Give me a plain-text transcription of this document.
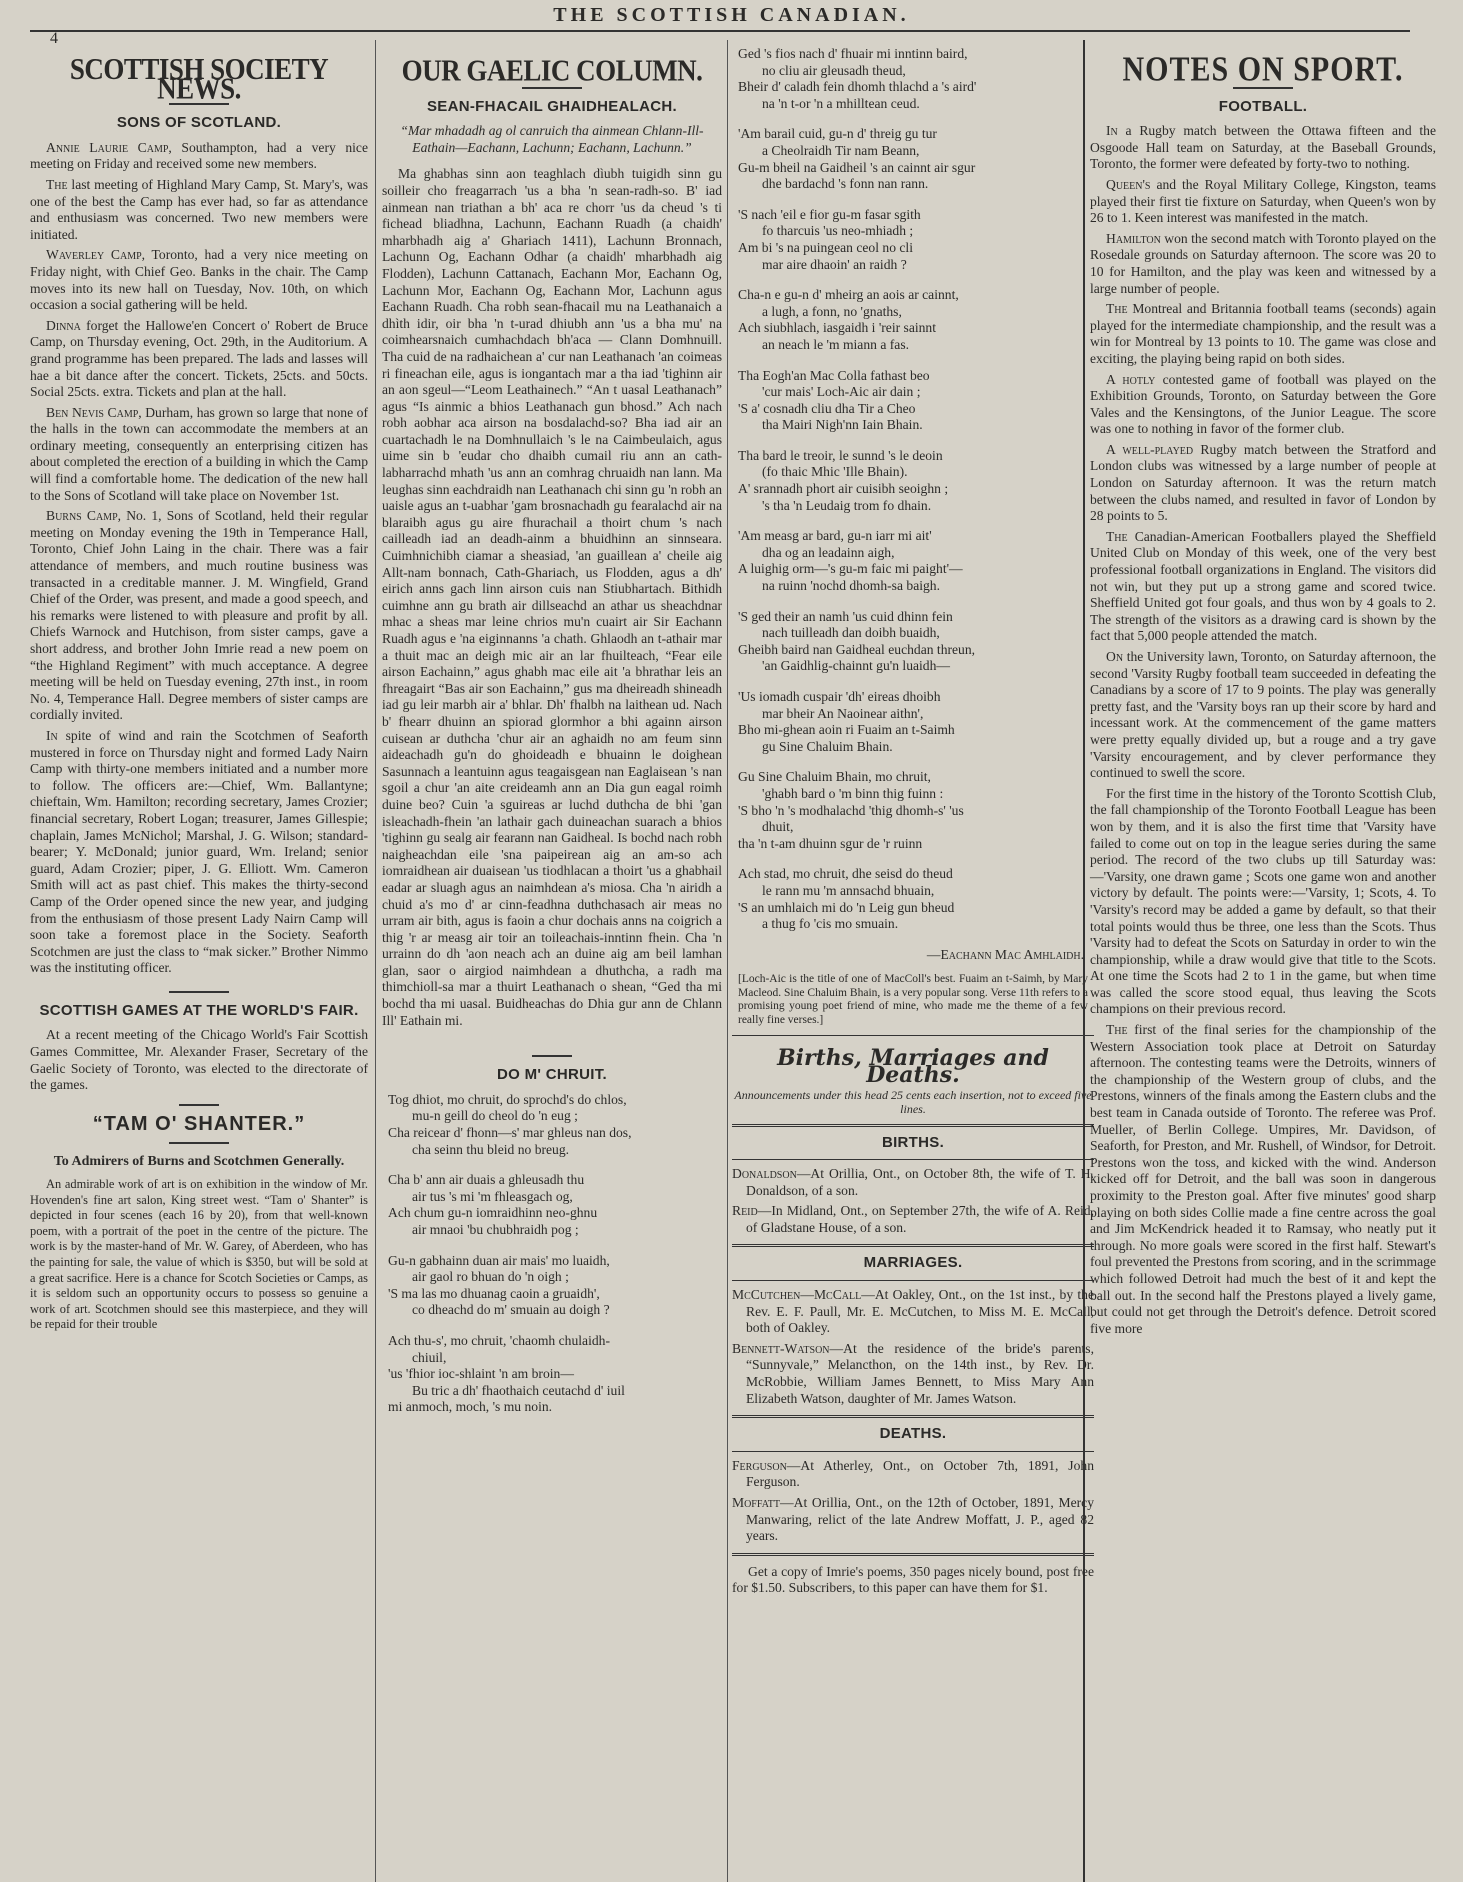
THE SCOTTISH CANADIAN.
4
SCOTTISH SOCIETY NEWS.
SONS OF SCOTLAND.

Annie Laurie Camp, Southampton, had a very nice meeting on Friday and received some new members.

The last meeting of Highland Mary Camp, St. Mary's, was one of the best the Camp has ever had, so far as attendance and enthusiasm was concerned. Two new members were initiated.

Waverley Camp, Toronto, had a very nice meeting on Friday night, with Chief Geo. Banks in the chair. The Camp moves into its new hall on Tuesday, Nov. 10th, on which occasion a social gathering will be held.

Dinna forget the Hallowe'en Concert o' Robert de Bruce Camp, on Thursday evening, Oct. 29th, in the Auditorium. A grand programme has been prepared. The lads and lasses will hae a bit dance after the concert. Tickets, 25cts. and 50cts. Social 25cts. extra. Tickets and plan at the hall.

Ben Nevis Camp, Durham, has grown so large that none of the halls in the town can accommodate the members at an ordinary meeting, consequently an enterprising citizen has about completed the erection of a building in which the Camp will find a comfortable home. The dedication of the new hall to the Sons of Scotland will take place on November 1st.

Burns Camp, No. 1, Sons of Scotland, held their regular meeting on Monday evening the 19th in Temperance Hall, Toronto, Chief John Laing in the chair. There was a fair attendance of members, and much routine business was transacted in a creditable manner. J. M. Wingfield, Grand Chief of the Order, was present, and made a good speech, and his remarks were listened to with pleasure and profit by all. Chiefs Warnock and Hutchison, from sister camps, gave a short address, and brother John Imrie read a new poem on “the Highland Regiment” with much acceptance. A degree meeting will be held on Tuesday evening, 27th inst., in room No. 4, Temperance Hall. Degree members of sister camps are cordially invited.

In spite of wind and rain the Scotchmen of Seaforth mustered in force on Thursday night and formed Lady Nairn Camp with thirty-one members initiated and a number more to follow. The officers are:—Chief, Wm. Ballantyne; chieftain, Wm. Hamilton; recording secretary, James Crozier; financial secretary, Robert Logan; treasurer, James Gillespie; chaplain, James McNichol; Marshal, J. G. Wilson; standard-bearer; Y. McDonald; junior guard, Wm. Ireland; senior guard, Adam Crozier; piper, J. G. Elliott. Wm. Cameron Smith will act as past chief. This makes the thirty-second Camp of the Order opened since the new year, and judging from the enthusiasm of those present Lady Nairn Camp will soon take a foremost place in the Society. Seaforth Scotchmen are just the class to “mak sicker.” Brother Nimmo was the instituting officer.

SCOTTISH GAMES AT THE WORLD'S FAIR.

At a recent meeting of the Chicago World's Fair Scottish Games Committee, Mr. Alexander Fraser, Secretary of the Gaelic Society of Toronto, was elected to the directorate of the games.

“TAM O' SHANTER.”
To Admirers of Burns and Scotchmen Generally.

An admirable work of art is on exhibition in the window of Mr. Hovenden's fine art salon, King street west. “Tam o' Shanter” is depicted in four scenes (each 16 by 20), from that well-known poem, with a portrait of the poet in the centre of the picture. The work is by the master-hand of Mr. W. Garey, of Aberdeen, who has the painting for sale, the value of which is $350, but will be sold at a great sacrifice. Here is a chance for Scotch Societies or Camps, as it is seldom such an opportunity occurs to possess so genuine a work of art. Scotchmen should see this masterpiece, and they will be repaid for their trouble

OUR GAELIC COLUMN.
SEAN-FHACAIL GHAIDHEALACH.
“Mar mhadadh ag ol canruich tha ainmean Chlann-Ill-Eathain—Eachann, Lachunn; Eachann, Lachunn.”

Ma ghabhas sinn aon teaghlach dìubh tuigidh sinn gu soilleir cho freagarrach 'us a bha 'n sean-radh-so. B' iad ainmean nan triathan a bh' aca re chorr 'us da cheud 's ti fichead bliadhna, Lachunn, Eachann Ruadh (a chaidh' mharbhadh aig a' Ghariach 1411), Lachunn Bronnach, Lachunn Og, Eachann Odhar (a chaidh' mharbhadh aig Flodden), Lachunn Cattanach, Eachann Mor, Eachann Og, Lachunn Mor, Eachann Og, Eachann Mor, Lachunn agus Eachann Ruadh. Cha robh sean-fhacail mu na Leathanaich a dhìth idir, oir bha 'n t-urad dhiubh ann 'us a bha mu' na coimhearsnaich cumhachdach bh'aca — Clann Domhnuill. Tha cuid de na radhaichean a' cur nan Leathanach 'an coimeas ri fineachan eile, agus is iongantach mar a tha iad 'tighinn air an aon sgeul—“Leom Leathainech.” “An t uasal Leathanach” agus “Is ainmic a bhios Leathanach gun bhosd.” Ach nach robh aobhar aca airson na bosdalachd-so? Bha iad air an cuartachadh le na Domhnullaich 's le na Caimbeulaich, agus uime sin b 'eudar cho dhaibh cumail riu ann an cath-labharrachd mhath 'us ann an comhrag chruaidh nan lann. Ma leughas sinn eachdraidh nan Leathanach chi sinn gu 'n robh an uaisle agus an t-uabhar 'gam brosnachadh gu fearalachd air na blaraibh agus gu aire fhurachail a thoirt chum 's nach cailleadh iad an deadh-ainm a bhuidhinn an sinnseara. Cuimhnichibh ciamar a sheasiad, 'an guaillean a' cheile aig Allt-nam bonnach, Cath-Ghariach, us Flodden, agus a dh' eirich anns gach linn airson cuis nan Stiubhartach. Bithidh cuimhne ann gu brath air dillseachd an athar us sheachdnar mhac a sheas mar leine chrios mu'n cuairt air Sir Eachann Ruadh agus e 'na eiginnanns 'a chath. Ghlaodh an t-athair mar a thuit mac an deigh mic air an lar fhuilteach, “Fear eile airson Eachainn,” agus ghabh mac eile ait 'a bhrathar leis an fhreagairt “Bas air son Eachainn,” gus ma dheireadh shineadh iad gu leir marbh air a' bhlar. Dh' fhalbh na laithean ud. Nach b' fhearr dhuinn an spiorad glormhor a bhi againn airson cuisean ar duthcha 'chur air an aghaidh no am feum sinn aideachadh gu'n do ghoideadh e bhuainn le doighean Sasunnach a leantuinn agus teagaisgean nan Eaglaisean 's nan sgoil a chur 'an aite creideamh ann an Dia gun eagal roimh duine beo? Cuin 'a sguireas ar luchd duthcha de bhi 'gan isleachadh-fhein 'an lathair gach duineachan suarach a bhios 'tighinn gu sealg air fearann nan Gaidheal. Is bochd nach robh naigheachdan eile 'sna paipeirean aig an am-so ach iomraidhean air duaisean 'us tiodhlacan a thoirt 'us a ghabhail eadar ar sluagh agus an naimhdean a's miosa. Cha 'n airidh a chuid a's mo d' ar cinn-feadhna duthchasach air meas no urram air bith, agus is faoin a chur dochais anns na coigrich a thig 'r ar measg air toir an toileachais-inntinn fhein. Cha 'n urrainn do dh 'aon neach ach an duine aig am beil lamhan glan, saor o airgiod naimhdean a dhuthcha, a radh ma thimchioll-sa mar a thuirt Leathanach o shean, “Ged tha mi bochd tha mi uasal. Buidheachas do Dhia gur ann de Chlann Ill' Eathain mi.

DO M' CHRUIT.
Tog dhiot, mo chruit, do sprochd's do chlos,
mu-n geill do cheol do 'n eug ;
Cha reicear d' fhonn—s' mar ghleus nan dos,
cha seinn thu bleid no breug.
Cha b' ann air duais a ghleusadh thu
air tus 's mi 'm fhleasgach og,
Ach chum gu-n iomraidhinn neo-ghnu
air mnaoi 'bu chubhraidh pog ;
Gu-n gabhainn duan air mais' mo luaidh,
air gaol ro bhuan do 'n oigh ;
'S ma las mo dhuanag caoin a gruaidh',
co dheachd do m' smuain au doigh ?
Ach thu-s', mo chruit, 'chaomh chulaidh-
chiuil,
'us 'fhior ioc-shlaint 'n am broin—
Bu tric a dh' fhaothaich ceutachd d' iuil
mi anmoch, moch, 's mu noin.
Ged 's fios nach d' fhuair mi inntinn baird,
no cliu air gleusadh theud,
Bheir d' caladh fein dhomh thlachd a 's aird'
na 'n t-or 'n a mhilltean ceud.
'Am barail cuid, gu-n d' threig gu tur
a Cheolraidh Tir nam Beann,
Gu-m bheil na Gaidheil 's an cainnt air sgur
dhe bardachd 's fonn nan rann.
'S nach 'eil e fior gu-m fasar sgith
fo tharcuis 'us neo-mhiadh ;
Am bi 's na puingean ceol no cli
mar aire dhaoin' an raidh ?
Cha-n e gu-n d' mheirg an aois ar cainnt,
a lugh, a fonn, no 'gnaths,
Ach siubhlach, iasgaidh i 'reir sainnt
an neach le 'm miann a fas.
Tha Eogh'an Mac Colla fathast beo
'cur mais' Loch-Aic air dain ;
'S a' cosnadh cliu dha Tir a Cheo
tha Mairi Nigh'nn Iain Bhain.
Tha bard le treoir, le sunnd 's le deoin
(fo thaic Mhic 'Ille Bhain).
A' srannadh phort air cuisibh seoighn ;
's tha 'n Leudaig trom fo dhain.
'Am measg ar bard, gu-n iarr mi ait'
dha og an leadainn aigh,
A luighig orm—'s gu-m faic mi paight'—
na ruinn 'nochd dhomh-sa baigh.
'S ged their an namh 'us cuid dhinn fein
nach tuilleadh dan doibh buaidh,
Gheibh baird nan Gaidheal euchdan threun,
'an Gaidhlig-chainnt gu'n luaidh—
'Us iomadh cuspair 'dh' eireas dhoibh
mar bheir An Naoinear aithn',
Bho mi-ghean aoin ri Fuaim an t-Saimh
gu Sine Chaluim Bhain.
Gu Sine Chaluim Bhain, mo chruit,
'ghabh bard o 'm binn thig fuinn :
'S bho 'n 's modhalachd 'thig dhomh-s' 'us
dhuit,
tha 'n t-am dhuinn sgur de 'r ruinn
Ach stad, mo chruit, dhe seisd do theud
le rann mu 'm annsachd bhuain,
'S an umhlaich mi do 'n Leig gun bheud
a thug fo 'cis mo smuain.
—Eachann Mac Amhlaidh.
[Loch-Aic is the title of one of MacColl's best. Fuaim an t-Saimh, by Mary Macleod. Sine Chaluim Bhain, is a very popular song. Verse 11th refers to a promising young poet friend of mine, who made me the theme of a few really fine verses.]
Births, Marriages and Deaths.
Announcements under this head 25 cents each insertion, not to exceed five lines.
BIRTHS.

Donaldson—At Orillia, Ont., on October 8th, the wife of T. H. Donaldson, of a son.

Reid—In Midland, Ont., on September 27th, the wife of A. Reid, of Gladstane House, of a son.

MARRIAGES.

McCutchen—McCall—At Oakley, Ont., on the 1st inst., by the Rev. E. F. Paull, Mr. E. McCutchen, to Miss M. E. McCall, both of Oakley.

Bennett-Watson—At the residence of the bride's parents, “Sunnyvale,” Melancthon, on the 14th inst., by Rev. Dr. McRobbie, William James Bennett, to Miss Mary Ann Elizabeth Watson, daughter of Mr. James Watson.

DEATHS.

Ferguson—At Atherley, Ont., on October 7th, 1891, John Ferguson.

Moffatt—At Orillia, Ont., on the 12th of October, 1891, Mercy Manwaring, relict of the late Andrew Moffatt, J. P., aged 82 years.

Get a copy of Imrie's poems, 350 pages nicely bound, post free for $1.50. Subscribers, to this paper can have them for $1.

NOTES ON SPORT.
FOOTBALL.

In a Rugby match between the Ottawa fifteen and the Osgoode Hall team on Saturday, at the Baseball Grounds, Toronto, the former were defeated by forty-two to nothing.

Queen's and the Royal Military College, Kingston, teams played their first tie fixture on Saturday, when Queen's won by 26 to 1. Keen interest was manifested in the match.

Hamilton won the second match with Toronto played on the Rosedale grounds on Saturday afternoon. The score was 20 to 10 for Hamilton, and the play was keen and witnessed by a large number of people.

The Montreal and Britannia football teams (seconds) again played for the intermediate championship, and the result was a win for Montreal by 13 points to 10. The game was close and exciting, the playing being rapid on both sides.

A hotly contested game of football was played on the Exhibition Grounds, Toronto, on Saturday between the Gore Vales and the Kensingtons, of the Junior League. The score was one to nothing in favor of the former club.

A well-played Rugby match between the Stratford and London clubs was witnessed by a large number of people at London on Saturday afternoon. It was the return match between the clubs named, and resulted in favor of London by 28 points to 5.

The Canadian-American Footballers played the Sheffield United Club on Monday of this week, one of the very best professional football organizations in England. The visitors did not win, but they put up a strong game and scored twice. Sheffield United got four goals, and thus won by 4 goals to 2. The strength of the visitors as a drawing card is shown by the fact that 5,000 people attended the match.

On the University lawn, Toronto, on Saturday afternoon, the second 'Varsity Rugby football team succeeded in defeating the Canadians by a score of 17 to 9 points. The play was generally pretty fast, and the 'Varsity boys ran up their score by hard and incessant work. At the commencement of the game matters were pretty equally divided up, but a rouge and a try gave 'Varsity encouragement, and by clever performance they continued to swell the score.

For the first time in the history of the Toronto Scottish Club, the fall championship of the Toronto Football League has been won by them, and it is also the first time that 'Varsity have failed to come out on top in the league series during the same period. The record of the two clubs up till Saturday was: —'Varsity, one drawn game ; Scots one game won and another victory by default. The points were:—'Varsity, 1; Scots, 4. To 'Varsity's record may be added a game by default, so that their total points would thus be three, one less than the Scots. Thus 'Varsity had to defeat the Scots on Saturday in order to win the championship, while a draw would give that title to the Scots. At one time the Scots had 2 to 1 in the game, but when time was called the score stood equal, thus leaving the Scots champions on their previous record.

The first of the final series for the championship of the Western Association took place at Detroit on Saturday afternoon. The contesting teams were the Detroits, winners of the championship of the Western group of clubs, and the Prestons, winners of the finals among the Eastern clubs and the best team in Canada outside of Toronto. The referee was Prof. Mueller, of Berlin College. Umpires, Mr. Davidson, of Seaforth, for Preston, and Mr. Rushell, of Windsor, for Detroit. Prestons won the toss, and kicked with the wind. Anderson kicked off for Detroit, and the ball was soon in dangerous proximity to the Preston goal. After five minutes' good sharp playing on both sides Collie made a fine centre across the goal and Jim McKendrick headed it to Ramsay, who neatly put it through. No more goals were scored in the first half. Stewart's foul prevented the Prestons from scoring, and in the scrimmage which followed Detroit had much the best of it and kept the ball out. In the second half the Prestons played a lively game, but could not get through the Detroit's defence. Detroit scored five more
